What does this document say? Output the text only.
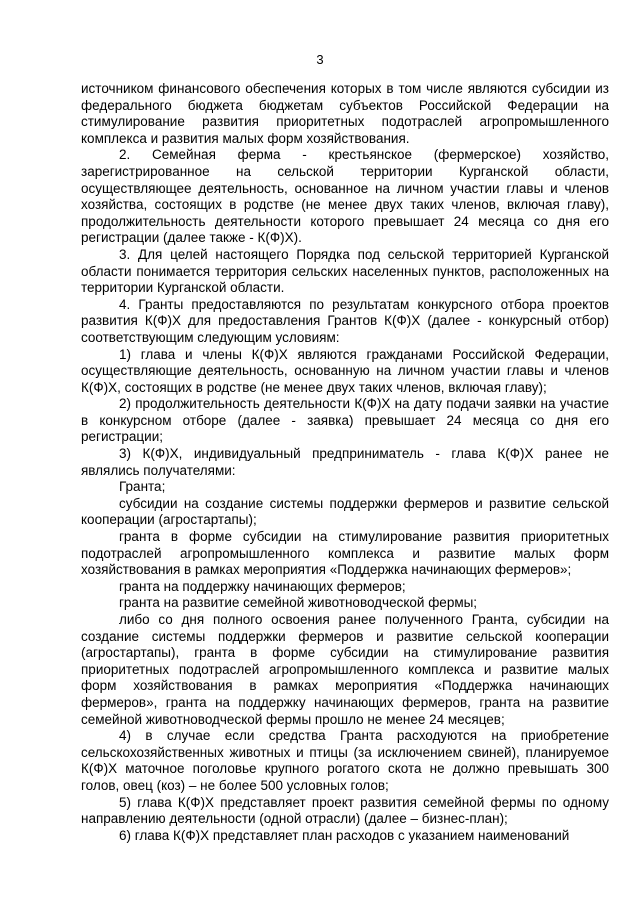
3

источником финансового обеспечения которых в том числе являются субсидии из федерального бюджета бюджетам субъектов Российской Федерации на стимулирование развития приоритетных подотраслей агропромышленного комплекса и развития малых форм хозяйствования.

2. Семейная ферма - крестьянское (фермерское) хозяйство, зарегистрированное на сельской территории Курганской области, осуществляющее деятельность, основанное на личном участии главы и членов хозяйства, состоящих в родстве (не менее двух таких членов, включая главу), продолжительность деятельности которого превышает 24 месяца со дня его регистрации (далее также - К(Ф)Х).

3. Для целей настоящего Порядка под сельской территорией Курганской области понимается территория сельских населенных пунктов, расположенных на территории Курганской области.

4. Гранты предоставляются по результатам конкурсного отбора проектов развития К(Ф)Х для предоставления Грантов К(Ф)Х (далее - конкурсный отбор) соответствующим следующим условиям:

1) глава и члены К(Ф)Х являются гражданами Российской Федерации, осуществляющие деятельность, основанную на личном участии главы и членов К(Ф)Х, состоящих в родстве (не менее двух таких членов, включая главу);

2) продолжительность деятельности К(Ф)Х на дату подачи заявки на участие в конкурсном отборе (далее - заявка) превышает 24 месяца со дня его регистрации;

3) К(Ф)Х, индивидуальный предприниматель - глава К(Ф)Х ранее не являлись получателями:

Гранта;

субсидии на создание системы поддержки фермеров и развитие сельской кооперации (агростартапы);

гранта в форме субсидии на стимулирование развития приоритетных подотраслей агропромышленного комплекса и развитие малых форм хозяйствования в рамках мероприятия «Поддержка начинающих фермеров»;

гранта на поддержку начинающих фермеров;

гранта на развитие семейной животноводческой фермы;

либо со дня полного освоения ранее полученного Гранта, субсидии на создание системы поддержки фермеров и развитие сельской кооперации (агростартапы), гранта в форме субсидии на стимулирование развития приоритетных подотраслей агропромышленного комплекса и развитие малых форм хозяйствования в рамках мероприятия «Поддержка начинающих фермеров», гранта на поддержку начинающих фермеров, гранта на развитие семейной животноводческой фермы прошло не менее 24 месяцев;

4) в случае если средства Гранта расходуются на приобретение сельскохозяйственных животных и птицы (за исключением свиней), планируемое К(Ф)Х маточное поголовье крупного рогатого скота не должно превышать 300 голов, овец (коз) – не более 500 условных голов;

5) глава К(Ф)Х представляет проект развития семейной фермы по одному направлению деятельности (одной отрасли) (далее – бизнес-план);

6) глава К(Ф)Х представляет план расходов с указанием наименований
